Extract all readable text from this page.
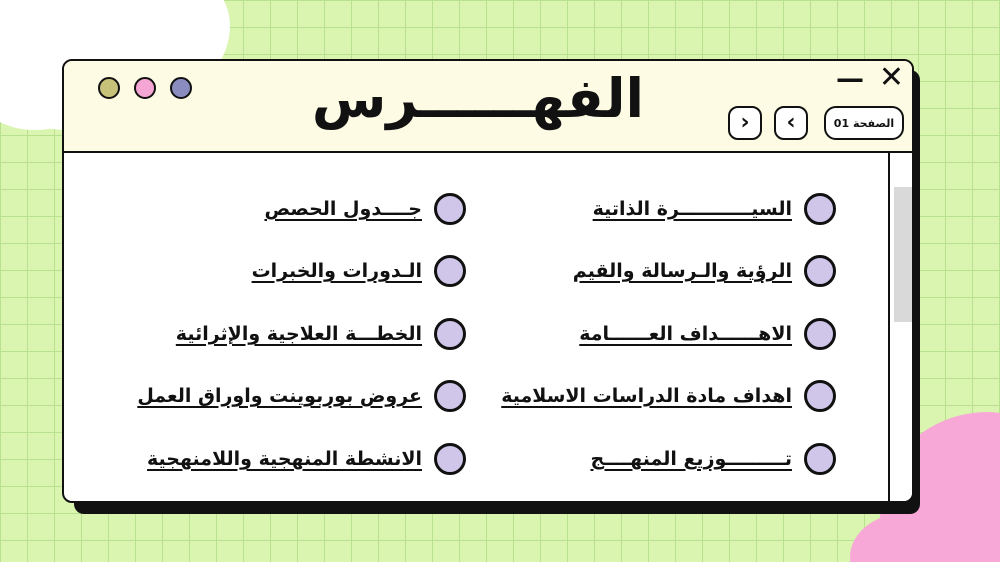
الفهــــــرس	— ✕
الصفحة 01
‹
›
السيـــــــــــرة الذاتية
الرؤية والـرسالة والقيم
الاهــــــداف العــــــامة
اهداف مادة الدراسات الاسلامية
تـــــــــوزيع المنهــــج
جــــدول الحصص
الـدورات والخبرات
الخطـــة العلاجية والإثرائية
عروض بوربوينت واوراق العمل
الانشطة المنهجية واللامنهجية
